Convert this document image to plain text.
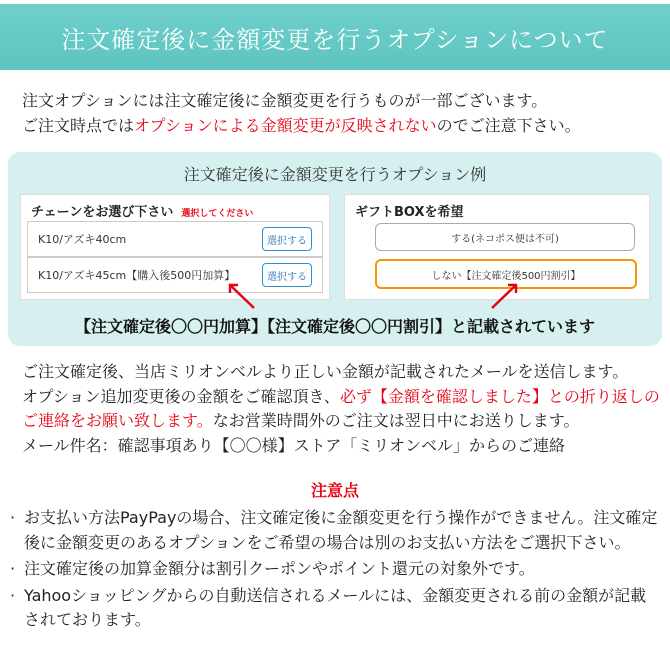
注文確定後に金額変更を行うオプションについて
注文オプションには注文確定後に金額変更を行うものが一部ございます。
ご注文時点ではオプションによる金額変更が反映されないのでご注意下さい。
注文確定後に金額変更を行うオプション例
チェーンをお選び下さい 選択してください
K10/アズキ40cm	選択する
K10/アズキ45cm【購入後500円加算】	選択する
ギフトBOXを希望
する(ネコポス便は不可)
しない【注文確定後500円割引】
【注文確定後〇〇円加算】【注文確定後〇〇円割引】と記載されています
ご注文確定後、当店ミリオンベルより正しい金額が記載されたメールを送信します。
オプション追加変更後の金額をご確認頂き、必ず【金額を確認しました】との折り返しのご連絡をお願い致します。なお営業時間外のご注文は翌日中にお送りします。
メール件名：確認事項あり【〇〇様】ストア「ミリオンベル」からのご連絡
注意点
· お支払い方法PayPayの場合、注文確定後に金額変更を行う操作ができません。注文確定後に金額変更のあるオプションをご希望の場合は別のお支払い方法をご選択下さい。
· 注文確定後の加算金額分は割引クーポンやポイント還元の対象外です。
· Yahooショッピングからの自動送信されるメールには、金額変更される前の金額が記載されております。
